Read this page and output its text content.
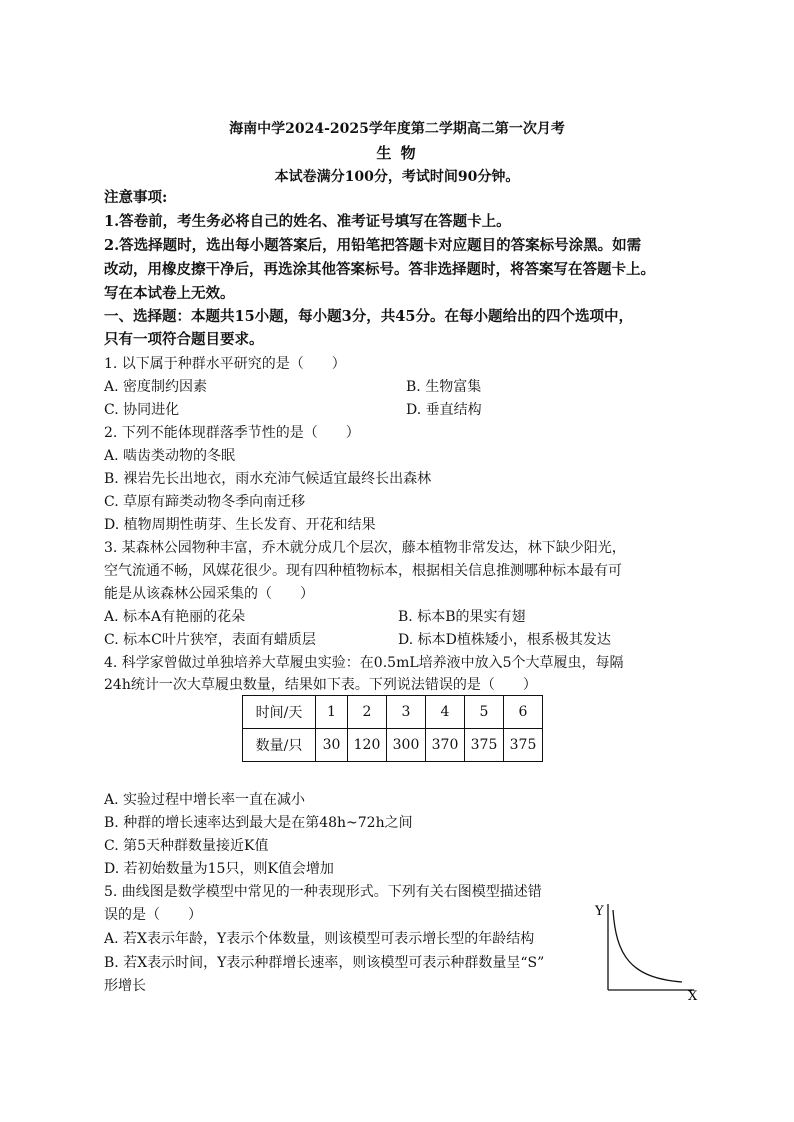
海南中学2024-2025学年度第二学期高二第一次月考
生 物
本试卷满分100分，考试时间90分钟。
注意事项:
1.答卷前，考生务必将自己的姓名、准考证号填写在答题卡上。
2.答选择题时，选出每小题答案后，用铅笔把答题卡对应题目的答案标号涂黑。如需
改动，用橡皮擦干净后，再选涂其他答案标号。答非选择题时，将答案写在答题卡上。
写在本试卷上无效。
一、选择题：本题共15小题，每小题3分，共45分。在每小题给出的四个选项中，
只有一项符合题目要求。
1. 以下属于种群水平研究的是（　　）
A. 密度制约因素	B. 生物富集
C. 协同进化	D. 垂直结构
2. 下列不能体现群落季节性的是（　　）
A. 啮齿类动物的冬眠
B. 裸岩先长出地衣，雨水充沛气候适宜最终长出森林
C. 草原有蹄类动物冬季向南迁移
D. 植物周期性萌芽、生长发育、开花和结果
3. 某森林公园物种丰富，乔木就分成几个层次，藤本植物非常发达，林下缺少阳光，
空气流通不畅，风媒花很少。现有四种植物标本，根据相关信息推测哪种标本最有可
能是从该森林公园采集的（　　）
A. 标本A有艳丽的花朵	B. 标本B的果实有翅
C. 标本C叶片狭窄，表面有蜡质层	D. 标本D植株矮小，根系极其发达
4. 科学家曾做过单独培养大草履虫实验：在0.5mL培养液中放入5个大草履虫，每隔
24h统计一次大草履虫数量，结果如下表。下列说法错误的是（　　）
时间/天	1	2	3	4	5	6
数量/只	30	120	300	370	375	375
A. 实验过程中增长率一直在减小
B. 种群的增长速率达到最大是在第48h~72h之间
C. 第5天种群数量接近K值
D. 若初始数量为15只，则K值会增加
5. 曲线图是数学模型中常见的一种表现形式。下列有关右图模型描述错
误的是（　　）
A. 若X表示年龄，Y表示个体数量，则该模型可表示增长型的年龄结构
B. 若X表示时间，Y表示种群增长速率，则该模型可表示种群数量呈“S”
形增长
Y
X
